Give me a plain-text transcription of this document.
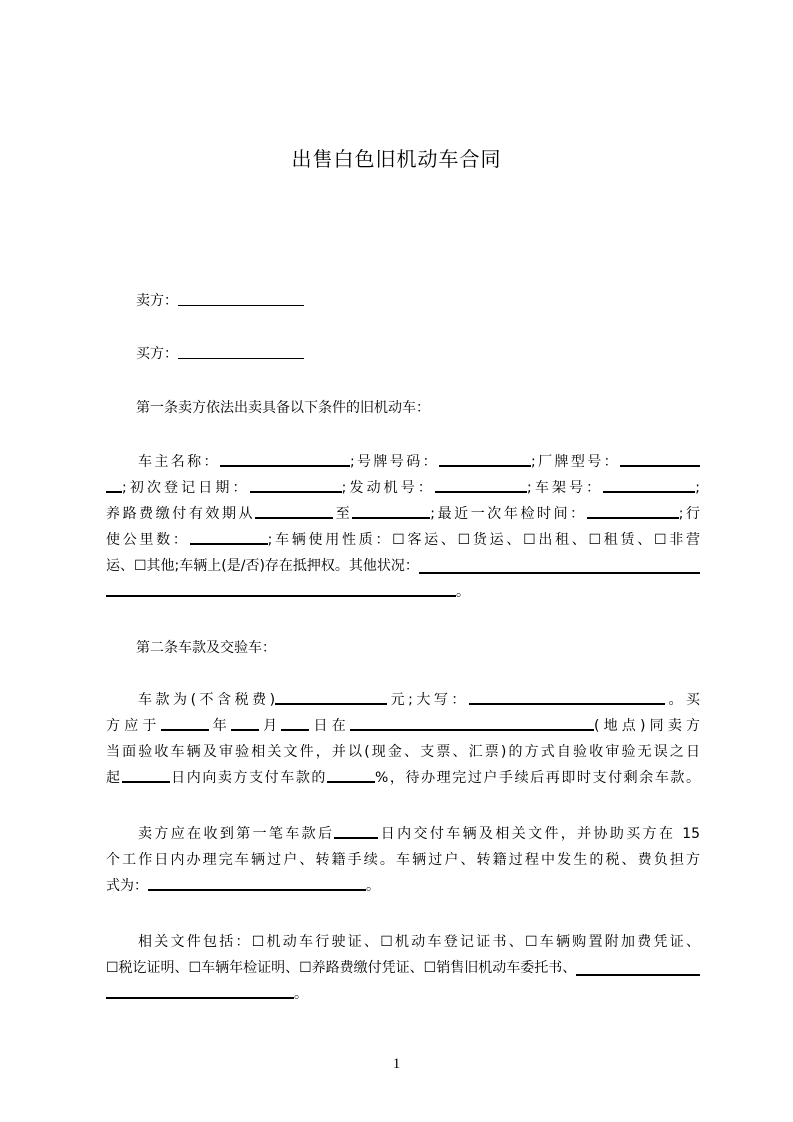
出售白色旧机动车合同
卖方：
买方：
第一条卖方依法出卖具备以下条件的旧机动车：
车主名称：	;号牌号码：	;厂牌型号：
;初次登记日期：	;发动机号：	;车架号：	;
养路费缴付有效期从	至	;最近一次年检时间：	;行
使公里数：	;车辆使用性质：☐客运、☐货运、☐出租、☐租赁、☐非营
运、☐其他;车辆上(是/否)存在抵押权。其他状况：
。
第二条车款及交验车：
车款为(不含税费)	元;大写：	。买
方应于	年 月 日在	(地点)同卖方
当面验收车辆及审验相关文件，并以(现金、支票、汇票)的方式自验收审验无误之日
起	日内向卖方支付车款的	%，待办理完过户手续后再即时支付剩余车款。
卖方应在收到第一笔车款后	日内交付车辆及相关文件，并协助买方在 15
个工作日内办理完车辆过户、转籍手续。车辆过户、转籍过程中发生的税、费负担方
式为：	。
相关文件包括：☐机动车行驶证、☐机动车登记证书、☐车辆购置附加费凭证、
☐税讫证明、☐车辆年检证明、☐养路费缴付凭证、☐销售旧机动车委托书、
。
1
